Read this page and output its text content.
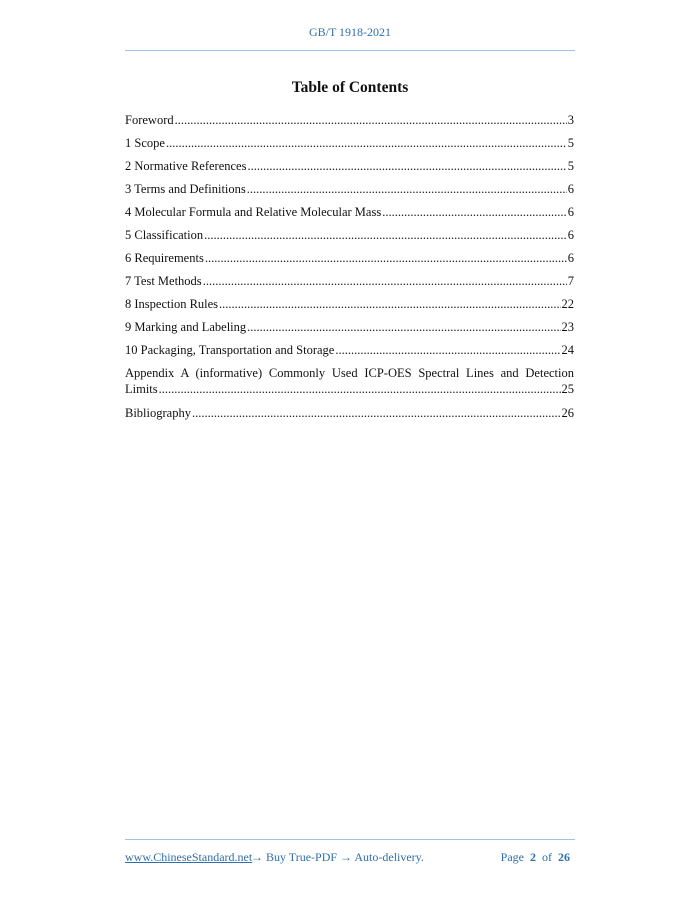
GB/T 1918-2021
Table of Contents
Foreword .....	3
1 Scope .....	5
2 Normative References .....	5
3 Terms and Definitions .....	6
4 Molecular Formula and Relative Molecular Mass .....	6
5 Classification .....	6
6 Requirements .....	6
7 Test Methods .....	7
8 Inspection Rules .....	22
9 Marking and Labeling .....	23
10 Packaging, Transportation and Storage .....	24
Appendix A (informative) Commonly Used ICP-OES Spectral Lines and Detection
Limits .....	25
Bibliography .....	26
www.ChineseStandard.net
→ Buy True-PDF → Auto-delivery.	Page 2 of 26
